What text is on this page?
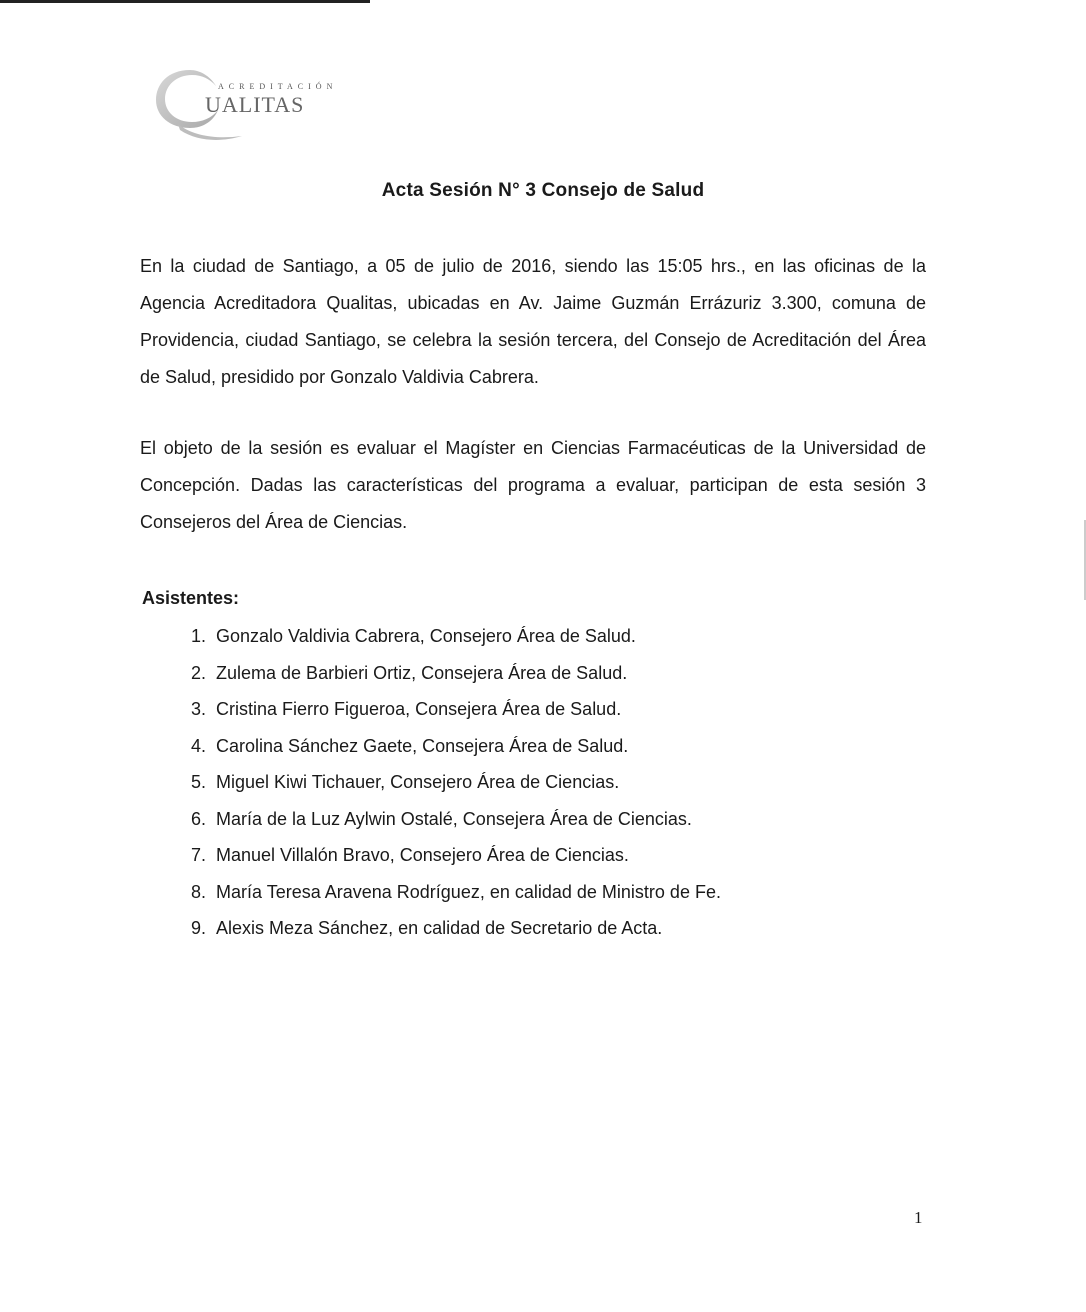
ACREDITACIÓN
UALITAS
Acta Sesión N° 3 Consejo de Salud

En la ciudad de Santiago, a 05 de julio de 2016, siendo las 15:05 hrs., en las oficinas de la Agencia Acreditadora Qualitas, ubicadas en Av. Jaime Guzmán Errázuriz 3.300, comuna de Providencia, ciudad Santiago, se celebra la sesión tercera, del Consejo de Acreditación del Área de Salud, presidido por Gonzalo Valdivia Cabrera.

El objeto de la sesión es evaluar el Magíster en Ciencias Farmacéuticas de la Universidad de Concepción. Dadas las características del programa a evaluar, participan de esta sesión 3 Consejeros del Área de Ciencias.

Asistentes:
1. Gonzalo Valdivia Cabrera, Consejero Área de Salud.
2. Zulema de Barbieri Ortiz, Consejera Área de Salud.
3. Cristina Fierro Figueroa, Consejera Área de Salud.
4. Carolina Sánchez Gaete, Consejera Área de Salud.
5. Miguel Kiwi Tichauer, Consejero Área de Ciencias.
6. María de la Luz Aylwin Ostalé, Consejera Área de Ciencias.
7. Manuel Villalón Bravo, Consejero Área de Ciencias.
8. María Teresa Aravena Rodríguez, en calidad de Ministro de Fe.
9. Alexis Meza Sánchez, en calidad de Secretario de Acta.
1
